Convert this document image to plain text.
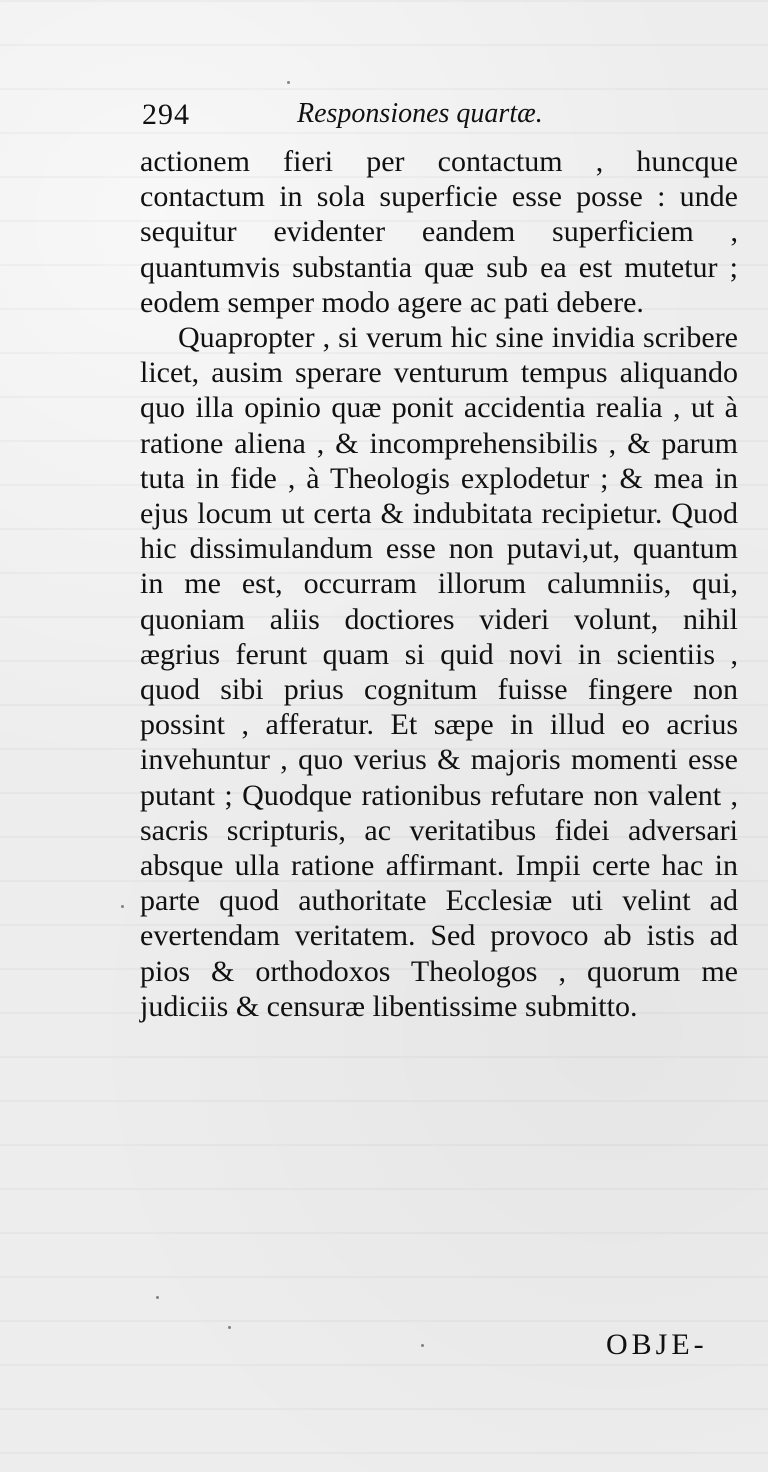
294	Responsiones quartæ.

actionem fieri per contactum , huncque contactum in sola superficie esse posse : unde sequitur evidenter eandem superficiem , quantumvis substantia quæ sub ea est mutetur ; eodem semper modo agere ac pati debere.

Quapropter , si verum hic sine invidia scribere licet, ausim sperare venturum tempus aliquando quo illa opinio quæ ponit accidentia realia , ut à ratione aliena , & incomprehensibilis , & parum tuta in fide , à Theologis explodetur ; & mea in ejus locum ut certa & indubitata recipietur. Quod hic dissimulandum esse non putavi,ut, quantum in me est, occurram illorum calumniis, qui, quoniam aliis doctiores videri volunt, nihil ægrius ferunt quam si quid novi in scientiis , quod sibi prius cognitum fuisse fingere non possint , afferatur. Et sæpe in illud eo acrius invehuntur , quo verius & majoris momenti esse putant ; Quodque rationibus refutare non valent , sacris scripturis, ac veritatibus fidei adversari absque ulla ratione affirmant. Impii certe hac in parte quod authoritate Ecclesiæ uti velint ad evertendam veritatem. Sed provoco ab istis ad pios & orthodoxos Theologos , quorum me judiciis & censuræ libentissime submitto.

OBJE-
